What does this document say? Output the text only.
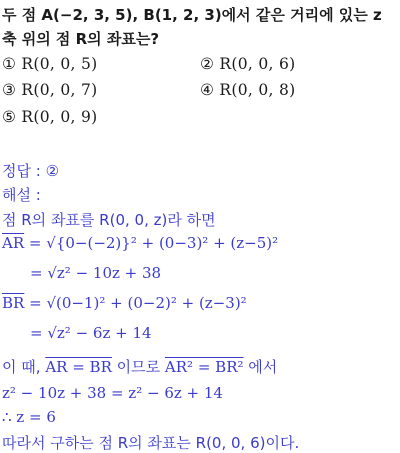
두 점 A(−2, 3, 5), B(1, 2, 3)에서 같은 거리에 있는 z
축 위의 점 R의 좌표는?
① R(0, 0, 5)	② R(0, 0, 6)
③ R(0, 0, 7)	④ R(0, 0, 8)
⑤ R(0, 0, 9)
정답 : ②
해설 :
점 R의 좌표를 R(0, 0, z)라 하면
$\overline{AR} = √\{0-(-2)\}^2 + (0-3)^2 + (z-5)^2$
= √z² − 10z + 38
$\overline{BR} = √(0-1)^2 + (0-2)^2 + (z-3)^2$
= √z² − 6z + 14
이 때, AR = BR 이므로 AR² = BR² 에서
z² − 10z + 38 = z² − 6z + 14
∴ z = 6
따라서 구하는 점 R의 좌표는 R(0, 0, 6)이다.
